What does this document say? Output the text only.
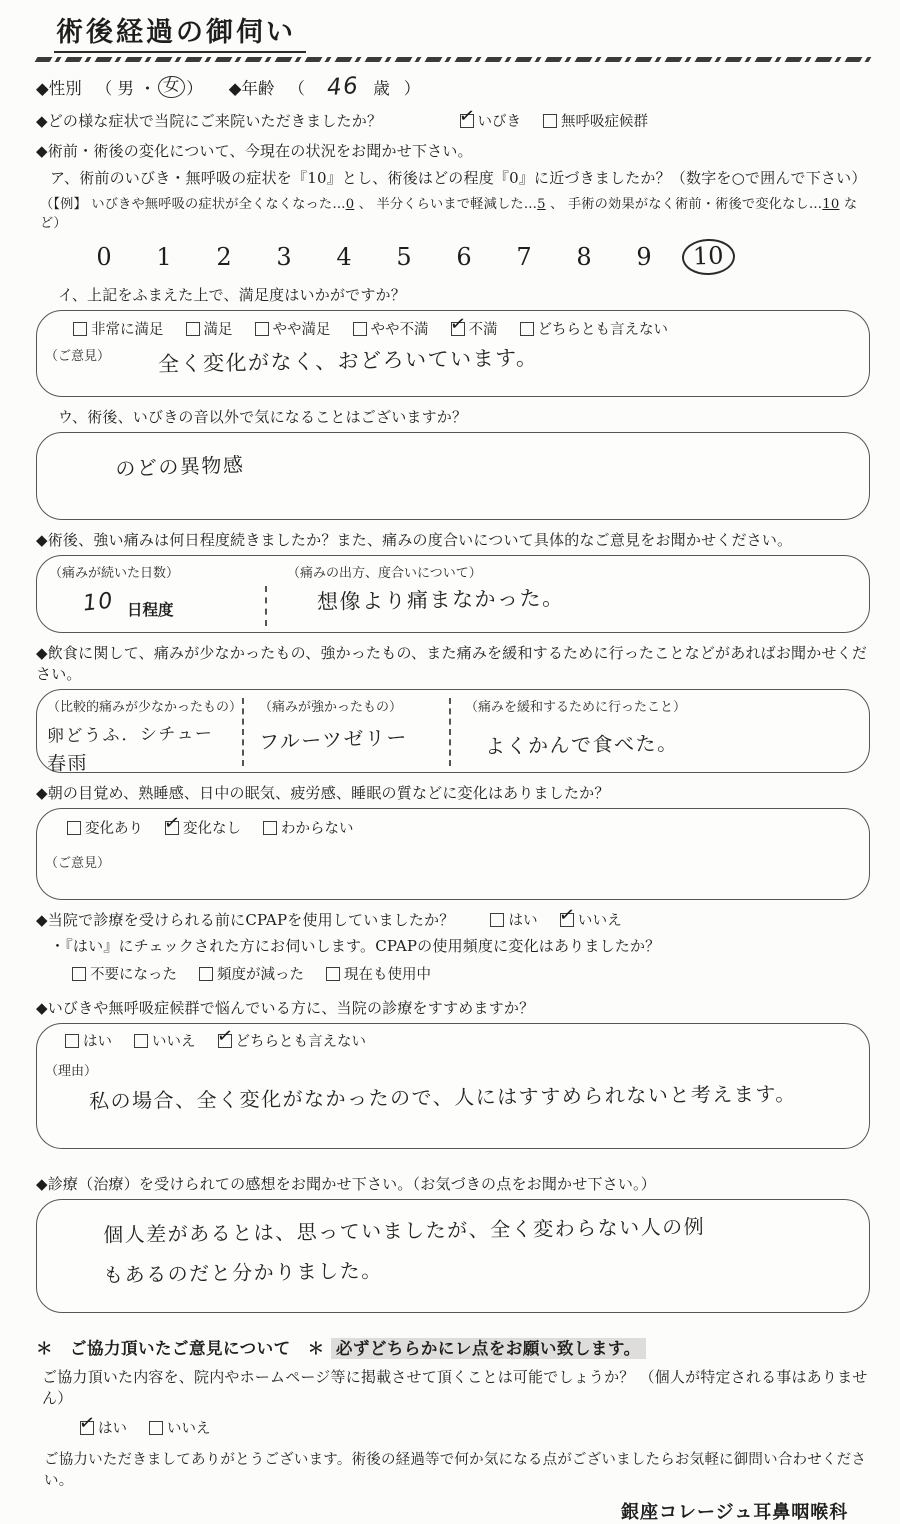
術後経過の御伺い
◆性別 （ 男 ・ 女 ） ◆年齢 （ 46 歳 ）
◆どの様な症状で当院にご来院いただきましたか？ ✓	いびき	無呼吸症候群
◆術前・術後の変化について、今現在の状況をお聞かせ下さい。
ア、術前のいびき・無呼吸の症状を『10』とし、術後はどの程度『0』に近づきましたか？（数字を○で囲んで下さい）
（【例】 いびきや無呼吸の症状が全くなくなった…0 、 半分くらいまで軽減した…5 、 手術の効果がなく術前・術後で変化なし…10 など）
0	1	2	3	4	5	6	7	8	9	10
イ、上記をふまえた上で、満足度はいかがですか？
非常に満足	満足	やや満足	やや不満 ✓	不満	どちらとも言えない
（ご意見） 全く変化がなく、おどろいています。
ウ、術後、いびきの音以外で気になることはございますか？
のどの異物感
◆術後、強い痛みは何日程度続きましたか？また、痛みの度合いについて具体的なご意見をお聞かせください。
（痛みが続いた日数）
10 日程度
（痛みの出方、度合いについて）
想像より痛まなかった。
◆飲食に関して、痛みが少なかったもの、強かったもの、また痛みを緩和するために行ったことなどがあればお聞かせください。
（比較的痛みが少なかったもの）
卵どうふ．シチュー
春雨
（痛みが強かったもの）
フルーツゼリー
（痛みを緩和するために行ったこと）
よくかんで食べた。
◆朝の目覚め、熟睡感、日中の眠気、疲労感、睡眠の質などに変化はありましたか？
変化あり ✓	変化なし	わからない
（ご意見）
◆当院で診療を受けられる前にCPAPを使用していましたか？	はい ✓	いいえ
・『はい』にチェックされた方にお伺いします。CPAPの使用頻度に変化はありましたか？
不要になった	頻度が減った	現在も使用中
◆いびきや無呼吸症候群で悩んでいる方に、当院の診療をすすめますか？
はい	いいえ ✓	どちらとも言えない
（理由）
私の場合、全く変化がなかったので、人にはすすめられないと考えます。
◆診療（治療）を受けられての感想をお聞かせ下さい。（お気づきの点をお聞かせ下さい。）
個人差があるとは、思っていましたが、全く変わらない人の例
もあるのだと分かりました。
＊　ご協力頂いたご意見について　＊ 必ずどちらかにレ点をお願い致します。
ご協力頂いた内容を、院内やホームページ等に掲載させて頂くことは可能でしょうか？ （個人が特定される事はありません）
✓
はい	いいえ
ご協力いただきましてありがとうございます。術後の経過等で何か気になる点がございましたらお気軽に御問い合わせください。
銀座コレージュ耳鼻咽喉科
